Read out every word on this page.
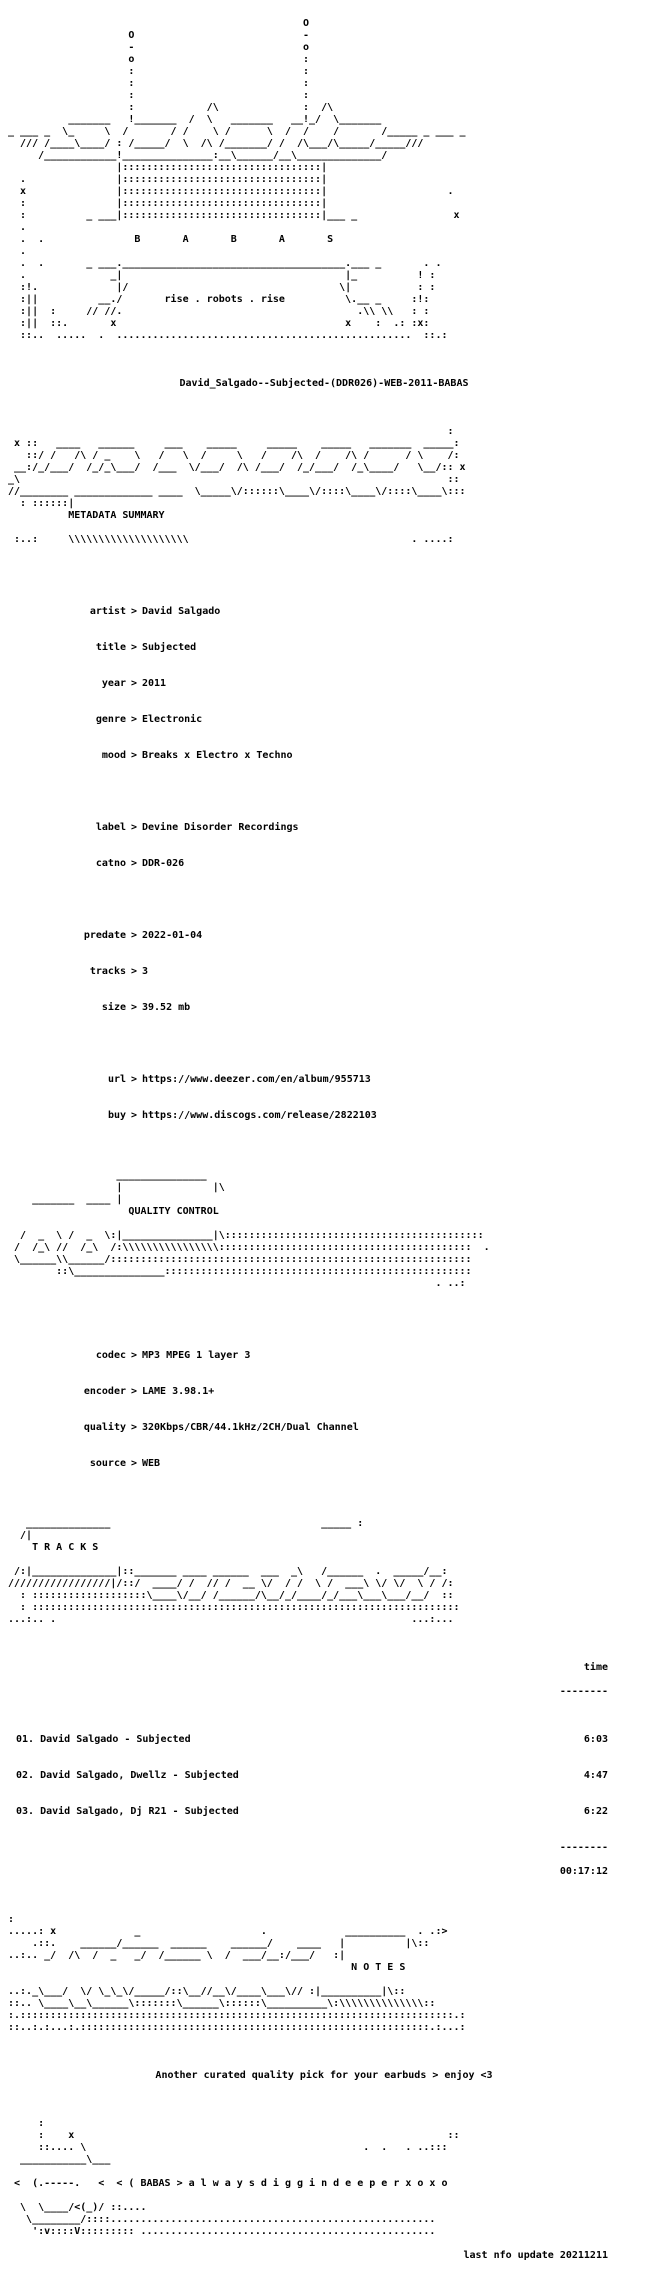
O
O                            -
-                            o
o                            :
:                            :
:                            :
:                            :
:            /\              :  /\
_______   !_______  /  \   _______   __!_/  \_______
_ ___ _  \_     \  /       / /    \ /      \  /  /    /       /_____ _ ___ _
/// /____\____/ : /_____/  \  /\ /_______/ /  /\___/\_____/_____///
/____________!_______________:__\______/__\______________/
|:::::::::::::::::::::::::::::::::|
.               |:::::::::::::::::::::::::::::::::|
x               |:::::::::::::::::::::::::::::::::|                    .
:               |:::::::::::::::::::::::::::::::::|
:          _ ___|:::::::::::::::::::::::::::::::::|___ _                x
.
.  .               B       A       B       A       S
.
.  .       _ ___._____________________________________.___ _       . .
.              _|                                     |_          ! :
:!.             |/                                   \|           : :
:||          __./       rise . robots . rise          \.__ _     :!:
:||  :     // //.                                       .\\ \\   : :
:||  ::.       x                                      x    :  .: :x:
::..  .....  .  .................................................  ::.:

David_Salgado--Subjected-(DDR026)-WEB-2011-BABAS

:
x ::   ____   ______     ___    _____     _____    _____   _______  _____:
::/ /   /\ / _    \   /   \  /     \   /    /\  /    /\ /      / \    /:
__:/_/___/  /_/_\___/  /___  \/___/  /\ /___/  /_/___/  /_\____/   \__/:: x
_\                                                                       ::
//________ _____________ ____  \_____\/::::::\____\/::::\____\/::::\____\:::
: ::::::|
METADATA SUMMARY

:..:     \\\\\\\\\\\\\\\\\\\\                                     . ....:

artist > David Salgado

title > Subjected

year > 2011

genre > Electronic

mood > Breaks x Electro x Techno

label > Devine Disorder Recordings

catno > DDR-026

predate > 2022-01-04

tracks > 3

size > 39.52 mb

url > https://www.deezer.com/en/album/955713

buy > https://www.discogs.com/release/2822103

_______________
|               |\
_______  ____ |
QUALITY CONTROL

/  _  \ /  _  \:|_______________|\:::::::::::::::::::::::::::::::::::::::::::
/  /_\ //  /_\  /:\\\\\\\\\\\\\\\\::::::::::::::::::::::::::::::::::::::::::  .
\______\\______/::::::::::::::::::::::::::::::::::::::::::::::::::::::::::::
::\_______________:::::::::::::::::::::::::::::::::::::::::::::::::::
. ..:

codec > MP3 MPEG 1 layer 3

encoder > LAME 3.98.1+

quality > 320Kbps/CBR/44.1kHz/2CH/Dual Channel

source > WEB

______________                                   _____ :
/|
T R A C K S

/:|______________|::_______ ____ ______  ___  _\   /______  .  _____/__:
/////////////////|/::/  ____/ /  // /  __ \/  / /  \ /  ___\ \/ \/  \ / /:
: :::::::::::::::::::\____\/__/ /______/\__/_/____/_/___\___\___/__/  ::
: :::::::::::::::::::::::::::::::::::::::::::::::::::::::::::::::::::::::
...:.. .                                                           ...:...

time

--------

01. David Salgado - Subjected	6:03

02. David Salgado, Dwellz - Subjected	4:47

03. David Salgado, Dj R21 - Subjected	6:22

--------

00:17:12

:
.....: x             _                    .             __________  . .:>
.::.    ______/______  ______    ______/    ____   |          |\::
..:.. _/  /\  /  _   _/  /______ \  /  ___/__:/___/   :|
N O T E S

..:._\___/  \/ \_\_\/_____/::\__//__\/____\___\// :|__________|\::
::.. \____\__\______\:::::::\______\::::::\__________\:\\\\\\\\\\\\\\::
:.::::::::::::::::::::::::::::::::::::::::::::::::::::::::::::::::::::::::.:
::..:.:...:.::::::::::::::::::::::::::::::::::::::::::::::::::::::::::.:...:

Another curated quality pick for your earbuds > enjoy <3

:
:    x                                                              ::
::.... \                                              .  .   . ..:::
___________\___

<  (.-----.   <  < ( BABAS > a l w a y s d i g g i n d e e p e r x o x o

\  \____/<(_)/ ::....
\________/::::......................................................
':v::::V::::::::: .................................................

last nfo update 20211211
